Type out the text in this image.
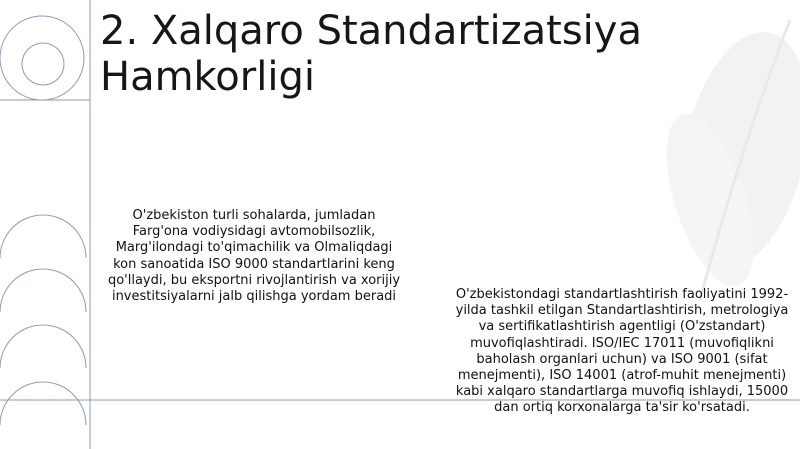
2. Xalqaro Standartizatsiya
Hamkorligi

O'zbekiston turli sohalarda, jumladan Farg'ona vodiysidagi avtomobilsozlik, Marg'ilondagi to'qimachilik va Olmaliqdagi kon sanoatida ISO 9000 standartlarini keng qo'llaydi, bu eksportni rivojlantirish va xorijiy investitsiyalarni jalb qilishga yordam beradi	O'zbekistondagi standartlashtirish faoliyatini 1992-yilda tashkil etilgan Standartlashtirish, metrologiya va sertifikatlashtirish agentligi (O'zstandart) muvofiqlashtiradi. ISO/IEC 17011 (muvofiqlikni baholash organlari uchun) va ISO 9001 (sifat menejmenti), ISO 14001 (atrof-muhit menejmenti) kabi xalqaro standartlarga muvofiq ishlaydi, 15000 dan ortiq korxonalarga ta'sir ko'rsatadi.
